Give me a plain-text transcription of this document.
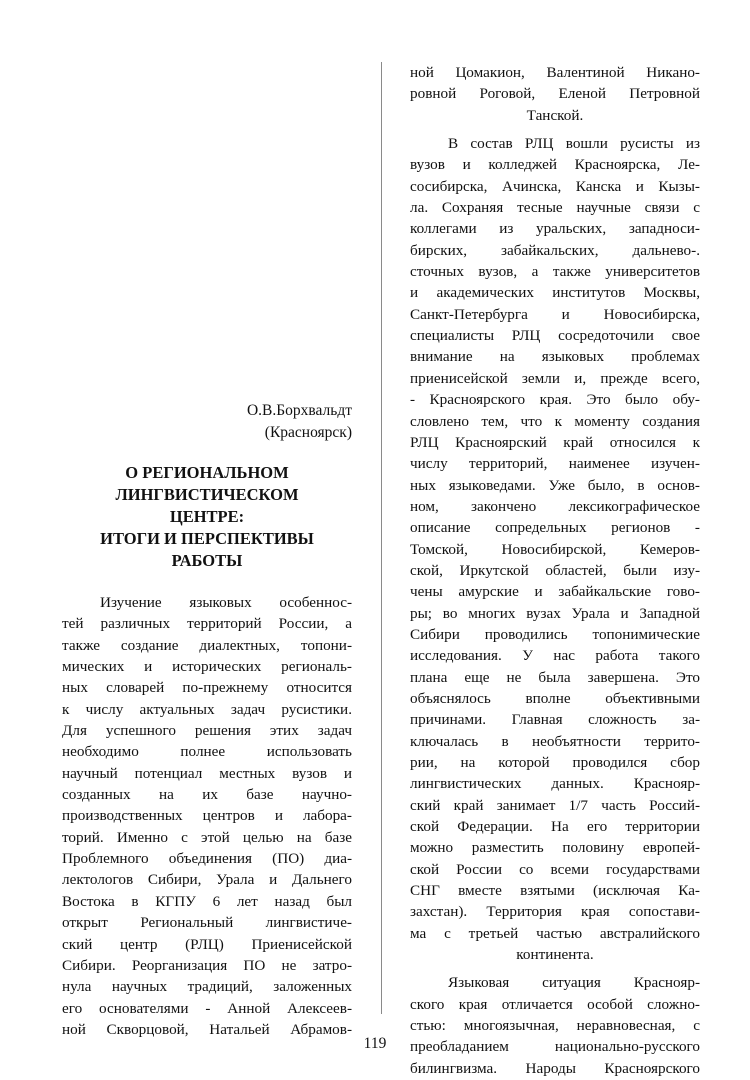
О.В.Борхвальдт
(Красноярск)
О РЕГИОНАЛЬНОМ
ЛИНГВИСТИЧЕСКОМ
ЦЕНТРЕ:
ИТОГИ И ПЕРСПЕКТИВЫ
РАБОТЫ
Изучение языковых особеннос-
тей различных территорий России, а
также создание диалектных, топони-
мических и исторических региональ-
ных словарей по-прежнему относится
к числу актуальных задач русистики.
Для успешного решения этих задач
необходимо полнее использовать
научный потенциал местных вузов и
созданных на их базе научно-
производственных центров и лабора-
торий. Именно с этой целью на базе
Проблемного объединения (ПО) диа-
лектологов Сибири, Урала и Дальнего
Востока в КГПУ 6 лет назад был
открыт Региональный лингвистиче-
ский центр (РЛЦ) Приенисейской
Сибири. Реорганизация ПО не затро-
нула научных традиций, заложенных
его основателями - Анной Алексеев-
ной Скворцовой, Натальей Абрамов-
ной Цомакион, Валентиной Никано-
ровной Роговой, Еленой Петровной
Танской.
В состав РЛЦ вошли русисты из
вузов и колледжей Красноярска, Ле-
сосибирска, Ачинска, Канска и Кызы-
ла. Сохраняя тесные научные связи с
коллегами из уральских, западноси-
бирских, забайкальских, дальнево-.
сточных вузов, а также университетов
и академических институтов Москвы,
Санкт-Петербурга и Новосибирска,
специалисты РЛЦ сосредоточили свое
внимание на языковых проблемах
приенисейской земли и, прежде всего,
- Красноярского края. Это было обу-
словлено тем, что к моменту создания
РЛЦ Красноярский край относился к
числу территорий, наименее изучен-
ных языковедами. Уже было, в основ-
ном, закончено лексикографическое
описание сопредельных регионов -
Томской, Новосибирской, Кемеров-
ской, Иркутской областей, были изу-
чены амурские и забайкальские гово-
ры; во многих вузах Урала и Западной
Сибири проводились топонимические
исследования. У нас работа такого
плана еще не была завершена. Это
объяснялось вполне объективными
причинами. Главная сложность за-
ключалась в необъятности террито-
рии, на которой проводился сбор
лингвистических данных. Краснояр-
ский край занимает 1/7 часть Россий-
ской Федерации. На его территории
можно разместить половину европей-
ской России со всеми государствами
СНГ вместе взятыми (исключая Ка-
захстан). Территория края сопостави-
ма с третьей частью австралийского
континента.
Языковая ситуация Краснояр-
ского края отличается особой сложно-
стью: многоязычная, неравновесная, с
преобладанием национально-русского
билингвизма. Народы Красноярского
119
